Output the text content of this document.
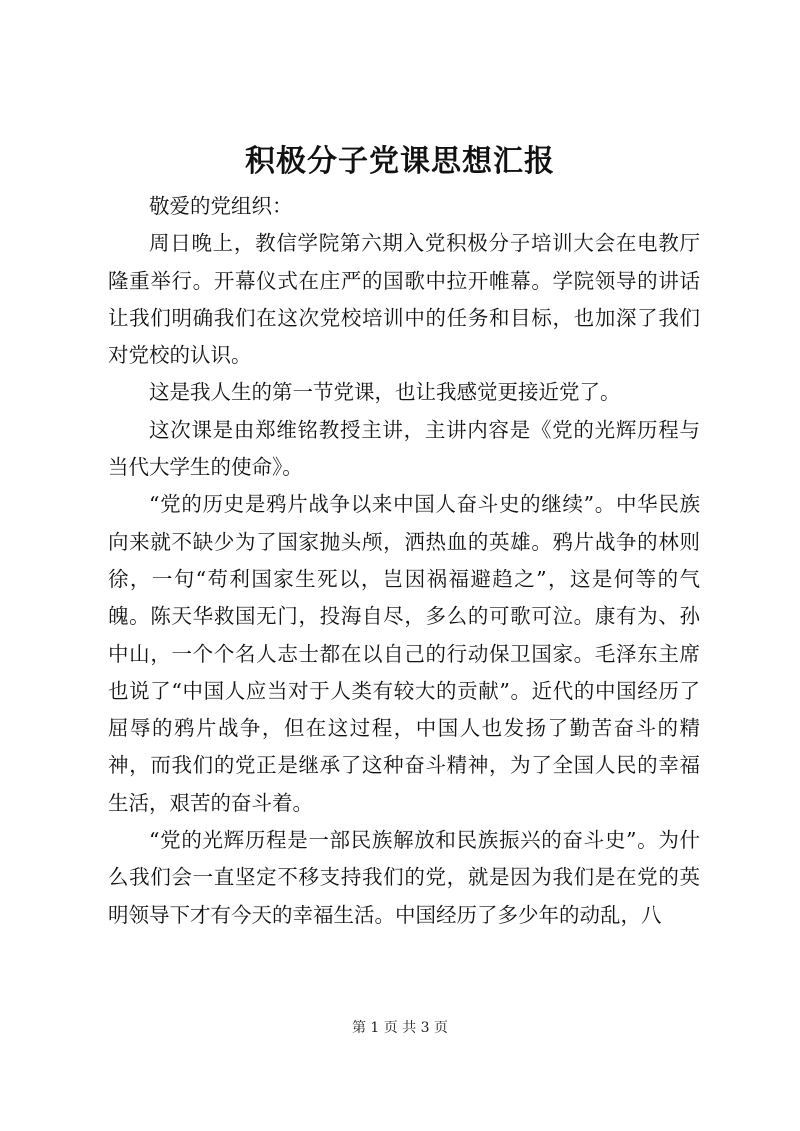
积极分子党课思想汇报

敬爱的党组织：

周日晚上，教信学院第六期入党积极分子培训大会在电教厅隆重举行。开幕仪式在庄严的国歌中拉开帷幕。学院领导的讲话让我们明确我们在这次党校培训中的任务和目标，也加深了我们对党校的认识。

这是我人生的第一节党课，也让我感觉更接近党了。

这次课是由郑维铭教授主讲，主讲内容是《党的光辉历程与当代大学生的使命》。

“党的历史是鸦片战争以来中国人奋斗史的继续”。中华民族向来就不缺少为了国家抛头颅，洒热血的英雄。鸦片战争的林则徐，一句“苟利国家生死以，岂因祸福避趋之”，这是何等的气魄。陈天华救国无门，投海自尽，多么的可歌可泣。康有为、孙中山，一个个名人志士都在以自己的行动保卫国家。毛泽东主席也说了“中国人应当对于人类有较大的贡献”。近代的中国经历了屈辱的鸦片战争，但在这过程，中国人也发扬了勤苦奋斗的精神，而我们的党正是继承了这种奋斗精神，为了全国人民的幸福生活，艰苦的奋斗着。

“党的光辉历程是一部民族解放和民族振兴的奋斗史”。为什么我们会一直坚定不移支持我们的党，就是因为我们是在党的英明领导下才有今天的幸福生活。中国经历了多少年的动乱，八

第 1 页 共 3 页
